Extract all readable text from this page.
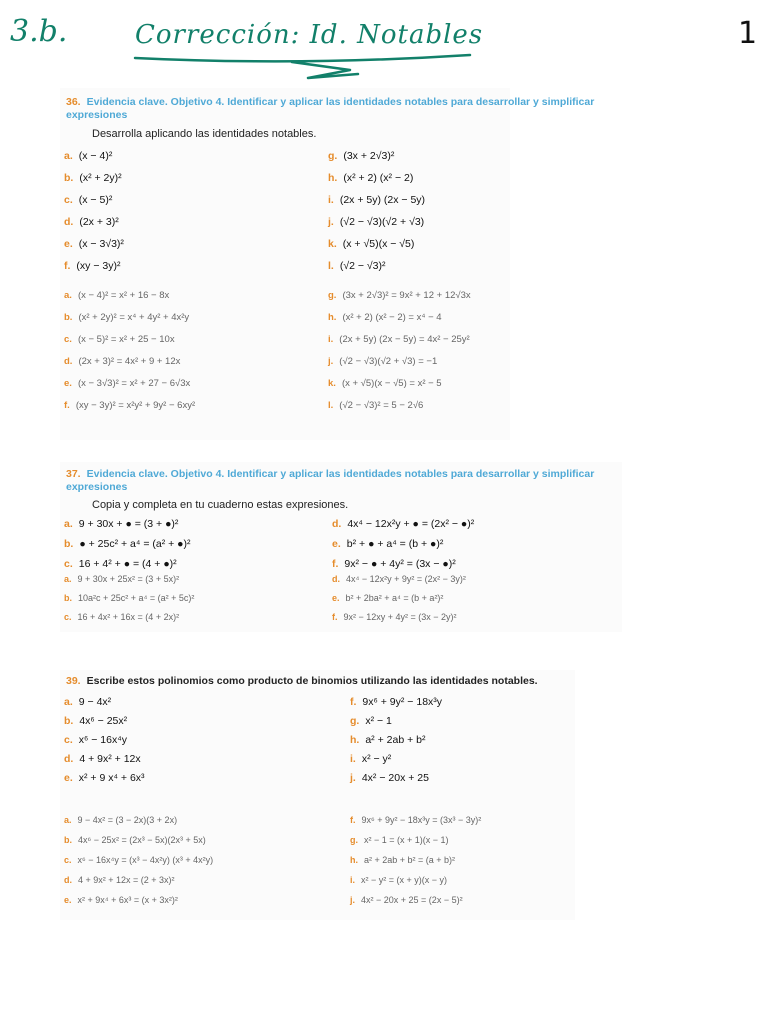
3.b.	Corrección: Id. Notables	1
36. Evidencia clave. Objetivo 4. Identificar y aplicar las identidades notables para desarrollar y simplificar expresiones
Desarrolla aplicando las identidades notables.
a. (x − 4)²
b. (x² + 2y)²
c. (x − 5)²
d. (2x + 3)²
e. (x − 3√3)²
f. (xy − 3y)²
g. (3x + 2√3)²
h. (x² + 2) (x² − 2)
i. (2x + 5y) (2x − 5y)
j. (√2 − √3)(√2 + √3)
k. (x + √5)(x − √5)
l. (√2 − √3)²
a. (x − 4)² = x² + 16 − 8x
b. (x² + 2y)² = x⁴ + 4y² + 4x²y
c. (x − 5)² = x² + 25 − 10x
d. (2x + 3)² = 4x² + 9 + 12x
e. (x − 3√3)² = x² + 27 − 6√3x
f. (xy − 3y)² = x²y² + 9y² − 6xy²
g. (3x + 2√3)² = 9x² + 12 + 12√3x
h. (x² + 2) (x² − 2) = x⁴ − 4
i. (2x + 5y) (2x − 5y) = 4x² − 25y²
j. (√2 − √3)(√2 + √3) = −1
k. (x + √5)(x − √5) = x² − 5
l. (√2 − √3)² = 5 − 2√6
37. Evidencia clave. Objetivo 4. Identificar y aplicar las identidades notables para desarrollar y simplificar expresiones
Copia y completa en tu cuaderno estas expresiones.
a. 9 + 30x + ● = (3 + ●)²
b. ● + 25c² + a⁴ = (a² + ●)²
c. 16 + 4² + ● = (4 + ●)²
d. 4x⁴ − 12x²y + ● = (2x² − ●)²
e. b² + ● + a⁴ = (b + ●)²
f. 9x² − ● + 4y² = (3x − ●)²
a. 9 + 30x + 25x² = (3 + 5x)²
b. 10a²c + 25c² + a⁴ = (a² + 5c)²
c. 16 + 4x² + 16x = (4 + 2x)²
d. 4x⁴ − 12x²y + 9y² = (2x² − 3y)²
e. b² + 2ba² + a⁴ = (b + a²)²
f. 9x² − 12xy + 4y² = (3x − 2y)²
39. Escribe estos polinomios como producto de binomios utilizando las identidades notables.
a. 9 − 4x²
b. 4x⁶ − 25x²
c. x⁶ − 16x⁴y
d. 4 + 9x² + 12x
e. x² + 9 x⁴ + 6x³
f. 9x⁶ + 9y² − 18x³y
g. x² − 1
h. a² + 2ab + b²
i. x² − y²
j. 4x² − 20x + 25
a. 9 − 4x² = (3 − 2x)(3 + 2x)
b. 4x⁶ − 25x² = (2x³ − 5x)(2x³ + 5x)
c. x⁶ − 16x⁴y = (x³ − 4x²y) (x³ + 4x²y)
d. 4 + 9x² + 12x = (2 + 3x)²
e. x² + 9x⁴ + 6x³ = (x + 3x²)²
f. 9x⁶ + 9y² − 18x³y = (3x³ − 3y)²
g. x² − 1 = (x + 1)(x − 1)
h. a² + 2ab + b² = (a + b)²
i. x² − y² = (x + y)(x − y)
j. 4x² − 20x + 25 = (2x − 5)²
